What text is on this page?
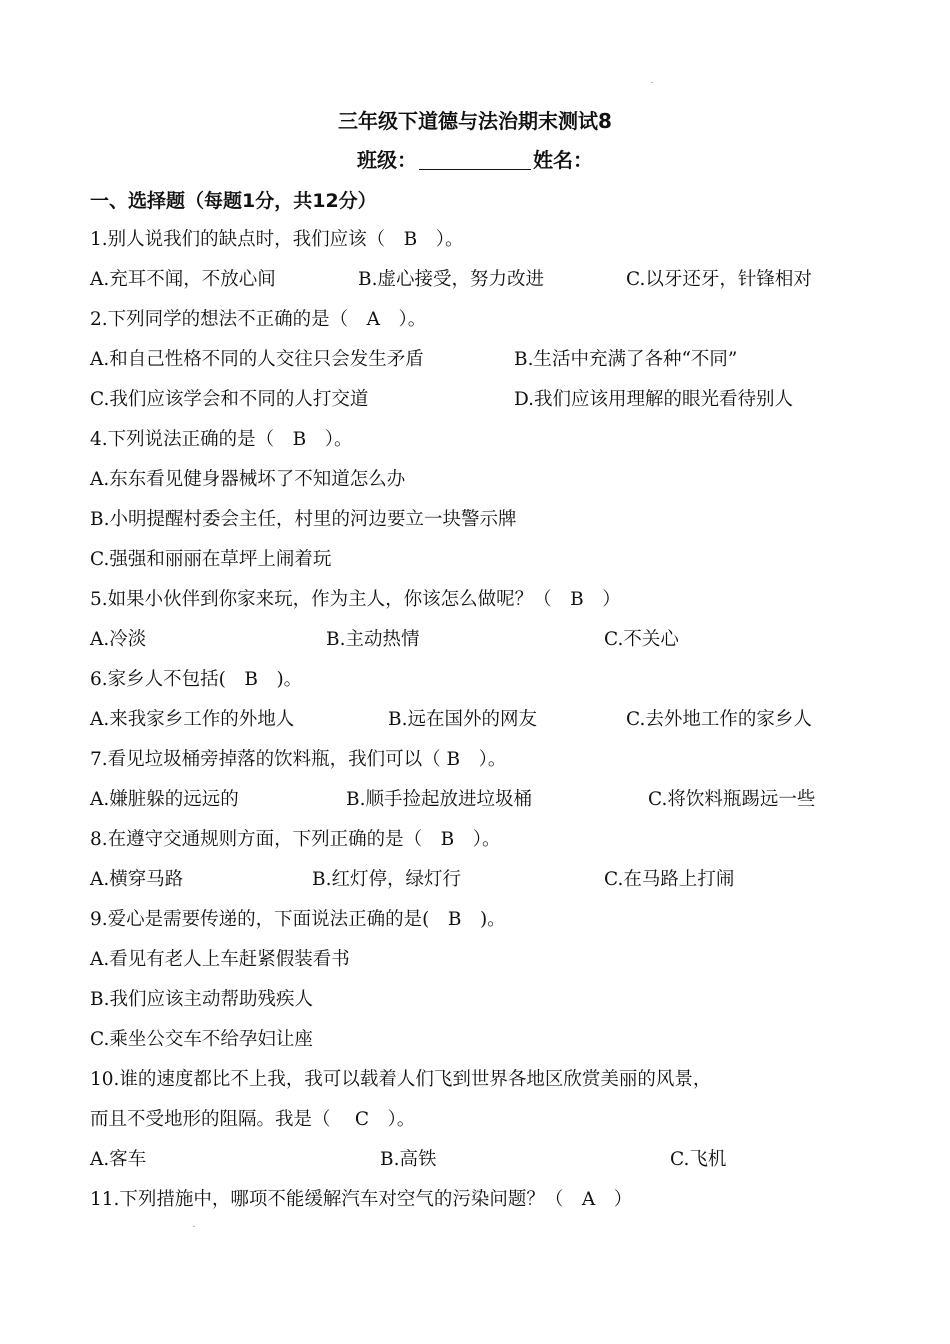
三年级下道德与法治期末测试8
班级：	姓名：
一、选择题（每题1分，共12分）
1.别人说我们的缺点时，我们应该（　B　）。
A.充耳不闻，不放心间	B.虚心接受，努力改进	C.以牙还牙，针锋相对
2.下列同学的想法不正确的是（　A　）。
A.和自己性格不同的人交往只会发生矛盾	B.生活中充满了各种“不同”
C.我们应该学会和不同的人打交道	D.我们应该用理解的眼光看待别人
4.下列说法正确的是（　B　）。
A.东东看见健身器械坏了不知道怎么办
B.小明提醒村委会主任，村里的河边要立一块警示牌
C.强强和丽丽在草坪上闹着玩
5.如果小伙伴到你家来玩，作为主人，你该怎么做呢？（　B　）
A.冷淡	B.主动热情	C.不关心
6.家乡人不包括(　B　)。
A.来我家乡工作的外地人	B.远在国外的网友	C.去外地工作的家乡人
7.看见垃圾桶旁掉落的饮料瓶，我们可以（ B　）。
A.嫌脏躲的远远的	B.顺手捡起放进垃圾桶	C.将饮料瓶踢远一些
8.在遵守交通规则方面，下列正确的是（　B　）。
A.横穿马路	B.红灯停，绿灯行	C.在马路上打闹
9.爱心是需要传递的，下面说法正确的是(　B　)。
A.看见有老人上车赶紧假装看书
B.我们应该主动帮助残疾人
C.乘坐公交车不给孕妇让座
10.谁的速度都比不上我，我可以载着人们飞到世界各地区欣赏美丽的风景，
而且不受地形的阻隔。我是（　 C　）。
A.客车	B.高铁	C.飞机
11.下列措施中，哪项不能缓解汽车对空气的污染问题？（　A　）
